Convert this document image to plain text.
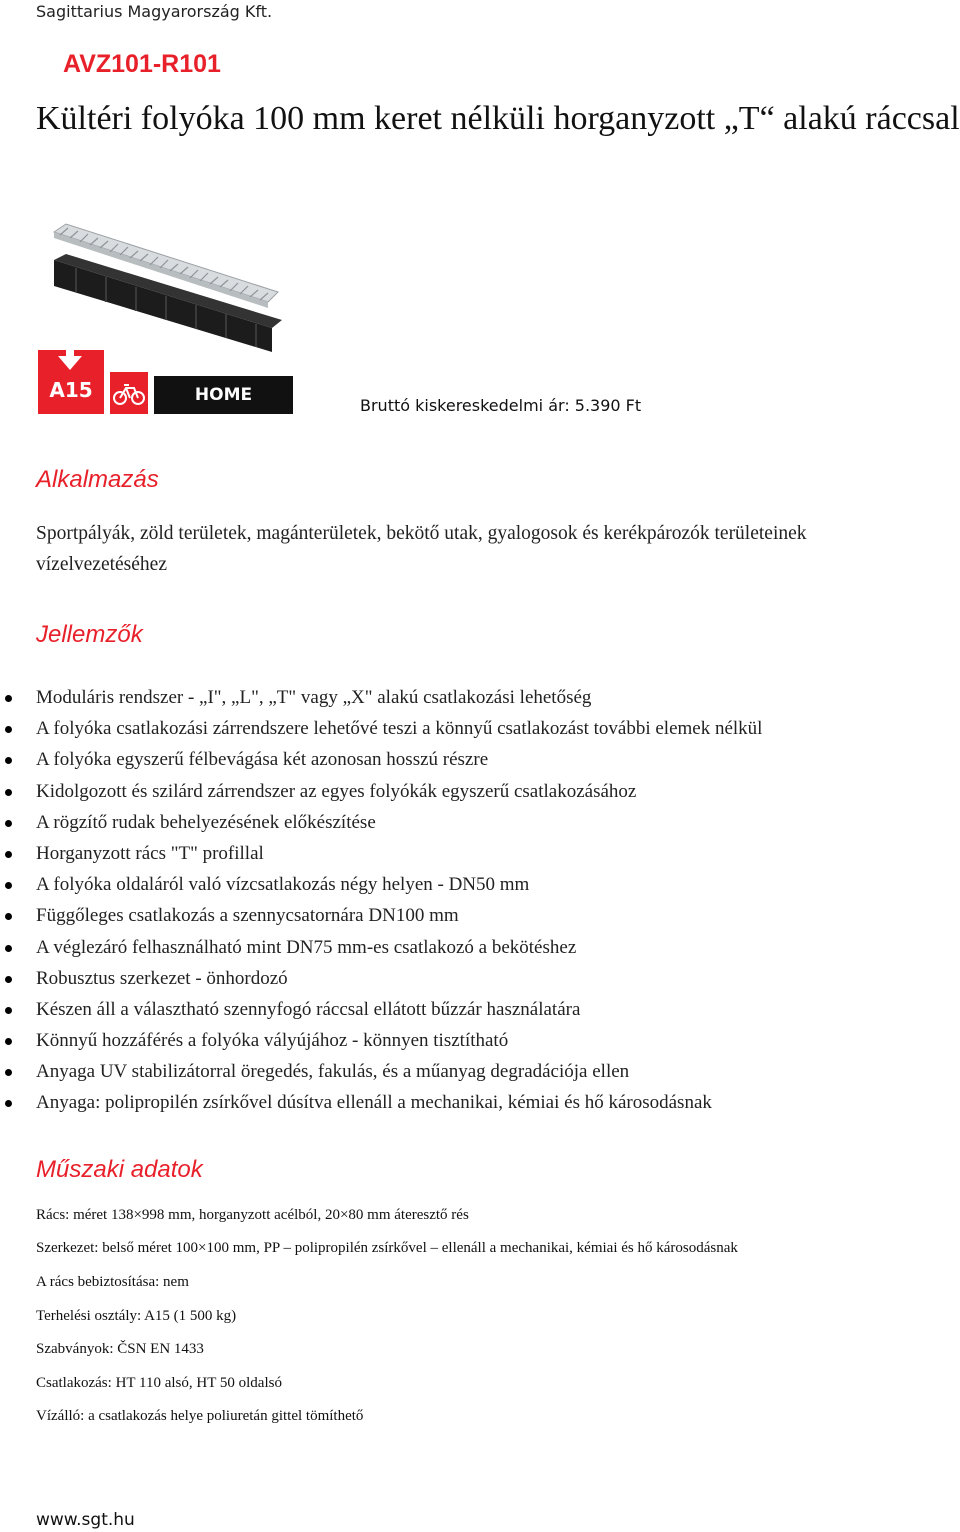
Sagittarius Magyarország Kft.
AVZ101-R101
Kültéri folyóka 100 mm keret nélküli horganyzott „T“ alakú ráccsal
A15	HOME
Bruttó kiskereskedelmi ár: 5.390 Ft
Alkalmazás
Sportpályák, zöld területek, magánterületek, bekötő utak, gyalogosok és kerékpározók területeinek vízelvezetéséhez
Jellemzők
Moduláris rendszer - „I", „L", „T" vagy „X" alakú csatlakozási lehetőség
A folyóka csatlakozási zárrendszere lehetővé teszi a könnyű csatlakozást további elemek nélkül
A folyóka egyszerű félbevágása két azonosan hosszú részre
Kidolgozott és szilárd zárrendszer az egyes folyókák egyszerű csatlakozásához
A rögzítő rudak behelyezésének előkészítése
Horganyzott rács "T" profillal
A folyóka oldaláról való vízcsatlakozás négy helyen - DN50 mm
Függőleges csatlakozás a szennycsatornára DN100 mm
A véglezáró felhasználható mint DN75 mm-es csatlakozó a bekötéshez
Robusztus szerkezet - önhordozó
Készen áll a választható szennyfogó ráccsal ellátott bűzzár használatára
Könnyű hozzáférés a folyóka vályújához - könnyen tisztítható
Anyaga UV stabilizátorral öregedés, fakulás, és a műanyag degradációja ellen
Anyaga: polipropilén zsírkővel dúsítva ellenáll a mechanikai, kémiai és hő károsodásnak
Műszaki adatok
Rács: méret 138×998 mm, horganyzott acélból, 20×80 mm áteresztő rés
Szerkezet: belső méret 100×100 mm, PP – polipropilén zsírkővel – ellenáll a mechanikai, kémiai és hő károsodásnak
A rács bebiztosítása: nem
Terhelési osztály: A15 (1 500 kg)
Szabványok: ČSN EN 1433
Csatlakozás: HT 110 alsó, HT 50 oldalsó
Vízálló: a csatlakozás helye poliuretán gittel tömíthető
www.sgt.hu
